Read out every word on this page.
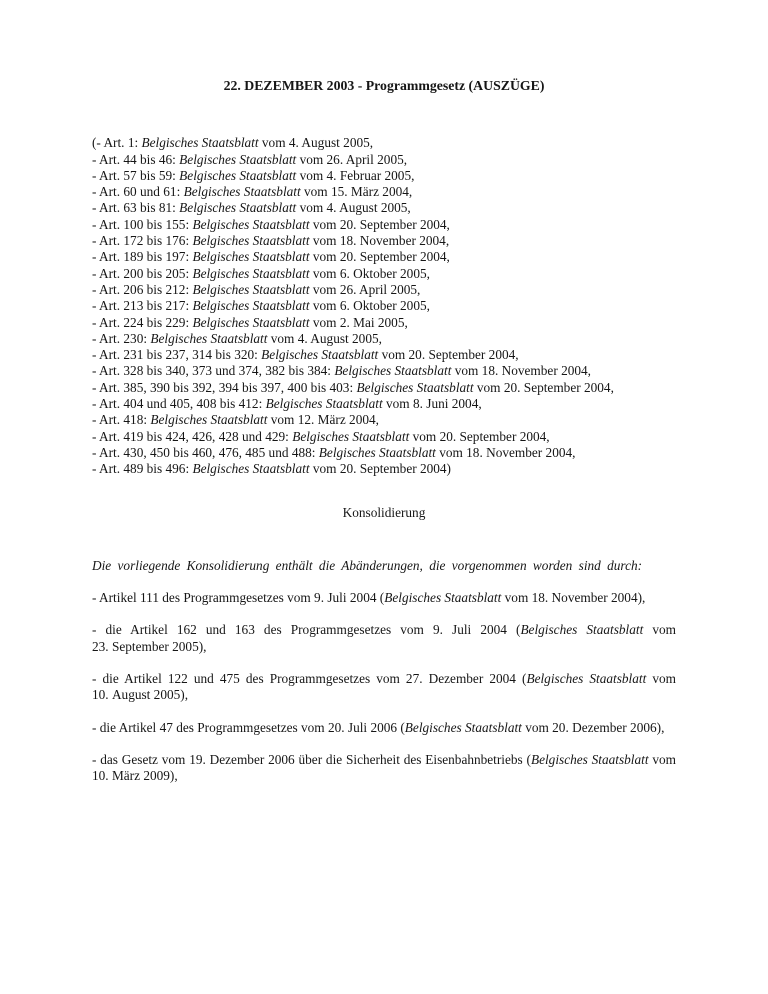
22. DEZEMBER 2003 - Programmgesetz (AUSZÜGE)
(- Art. 1: Belgisches Staatsblatt vom 4. August 2005,
- Art. 44 bis 46: Belgisches Staatsblatt vom 26. April 2005,
- Art. 57 bis 59: Belgisches Staatsblatt vom 4. Februar 2005,
- Art. 60 und 61: Belgisches Staatsblatt vom 15. März 2004,
- Art. 63 bis 81: Belgisches Staatsblatt vom 4. August 2005,
- Art. 100 bis 155: Belgisches Staatsblatt vom 20. September 2004,
- Art. 172 bis 176: Belgisches Staatsblatt vom 18. November 2004,
- Art. 189 bis 197: Belgisches Staatsblatt vom 20. September 2004,
- Art. 200 bis 205: Belgisches Staatsblatt vom 6. Oktober 2005,
- Art. 206 bis 212: Belgisches Staatsblatt vom 26. April 2005,
- Art. 213 bis 217: Belgisches Staatsblatt vom 6. Oktober 2005,
- Art. 224 bis 229: Belgisches Staatsblatt vom 2. Mai 2005,
- Art. 230: Belgisches Staatsblatt vom 4. August 2005,
- Art. 231 bis 237, 314 bis 320: Belgisches Staatsblatt vom 20. September 2004,
- Art. 328 bis 340, 373 und 374, 382 bis 384: Belgisches Staatsblatt vom 18. November 2004,
- Art. 385, 390 bis 392, 394 bis 397, 400 bis 403: Belgisches Staatsblatt vom 20. September 2004,
- Art. 404 und 405, 408 bis 412: Belgisches Staatsblatt vom 8. Juni 2004,
- Art. 418: Belgisches Staatsblatt vom 12. März 2004,
- Art. 419 bis 424, 426, 428 und 429: Belgisches Staatsblatt vom 20. September 2004,
- Art. 430, 450 bis 460, 476, 485 und 488: Belgisches Staatsblatt vom 18. November 2004,
- Art. 489 bis 496: Belgisches Staatsblatt vom 20. September 2004)
Konsolidierung
Die vorliegende Konsolidierung enthält die Abänderungen, die vorgenommen worden sind durch:
- Artikel 111 des Programmgesetzes vom 9. Juli 2004 (Belgisches Staatsblatt vom 18. November 2004),
- die Artikel 162 und 163 des Programmgesetzes vom 9. Juli 2004 (Belgisches Staatsblatt vom 23. September 2005),
- die Artikel 122 und 475 des Programmgesetzes vom 27. Dezember 2004 (Belgisches Staatsblatt vom 10. August 2005),
- die Artikel 47 des Programmgesetzes vom 20. Juli 2006 (Belgisches Staatsblatt vom 20. Dezember 2006),
- das Gesetz vom 19. Dezember 2006 über die Sicherheit des Eisenbahnbetriebs (Belgisches Staatsblatt vom 10. März 2009),
